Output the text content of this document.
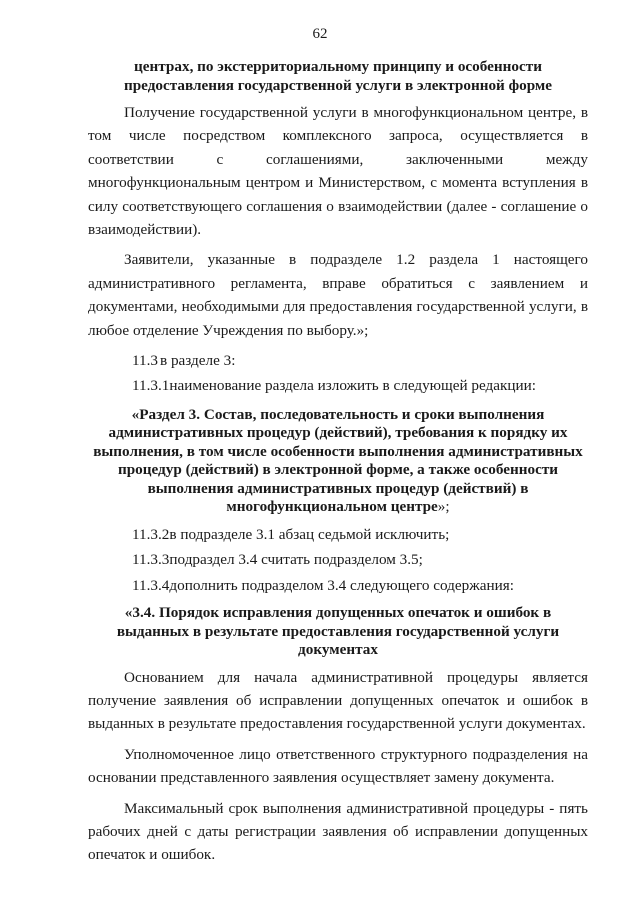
62

центрах, по экстерриториальному принципу и особенности предоставления государственной услуги в электронной форме

Получение государственной услуги в многофункциональном центре, в том числе посредством комплексного запроса, осуществляется в соответствии с соглашениями, заключенными между многофункциональным центром и Министерством, с момента вступления в силу соответствующего соглашения о взаимодействии (далее - соглашение о взаимодействии).

Заявители, указанные в подразделе 1.2 раздела 1 настоящего административного регламента, вправе обратиться с заявлением и документами, необходимыми для предоставления государственной услуги, в любое отделение Учреждения по выбору.»;

11.3 в разделе 3:

11.3.1наименование раздела изложить в следующей редакции:

«Раздел 3. Состав, последовательность и сроки выполнения административных процедур (действий), требования к порядку их выполнения, в том числе особенности выполнения административных процедур (действий) в электронной форме, а также особенности выполнения административных процедур (действий) в многофункциональном центре»;

11.3.2в подразделе 3.1 абзац седьмой исключить;

11.3.3подраздел 3.4 считать подразделом 3.5;

11.3.4дополнить подразделом 3.4 следующего содержания:

«3.4. Порядок исправления допущенных опечаток и ошибок в выданных в результате предоставления государственной услуги документах

Основанием для начала административной процедуры является получение заявления об исправлении допущенных опечаток и ошибок в выданных в результате предоставления государственной услуги документах.

Уполномоченное лицо ответственного структурного подразделения на основании представленного заявления осуществляет замену документа.

Максимальный срок выполнения административной процедуры - пять рабочих дней с даты регистрации заявления об исправлении допущенных опечаток и ошибок.
